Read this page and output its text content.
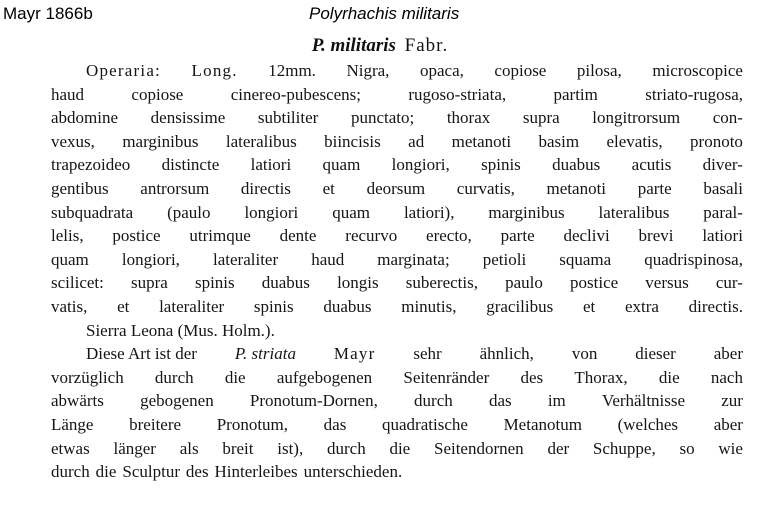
Mayr 1866b	Polyrhachis militaris
P. militaris Fabr.
Operaria: Long. 12mm. Nigra, opaca, copiose pilosa, microscopice
haud	copiose	cinereo-pubescens;	rugoso-striata,	partim	striato-rugosa,
abdomine densissime subtiliter punctato; thorax supra longitrorsum con-
vexus, marginibus lateralibus biincisis ad metanoti basim elevatis, pronoto
trapezoideo distincte latiori quam longiori, spinis duabus acutis diver-
gentibus antrorsum directis et deorsum curvatis, metanoti parte basali
subquadrata (paulo longiori quam latiori), marginibus lateralibus paral-
lelis, postice utrimque dente recurvo erecto, parte declivi brevi latiori
quam longiori, lateraliter haud marginata; petioli squama quadrispinosa,
scilicet: supra spinis duabus longis suberectis, paulo postice versus cur-
vatis, et lateraliter spinis duabus minutis, gracilibus et extra directis.
Sierra Leona (Mus. Holm.).
Diese Art ist der P. striata Mayr sehr ähnlich, von dieser aber
vorzüglich durch die aufgebogenen Seitenränder des Thorax, die nach
abwärts gebogenen Pronotum-Dornen, durch das im Verhältnisse zur
Länge breitere Pronotum, das quadratische Metanotum (welches aber
etwas länger als breit ist), durch die Seitendornen der Schuppe, so wie
durch die Sculptur des Hinterleibes unterschieden.
